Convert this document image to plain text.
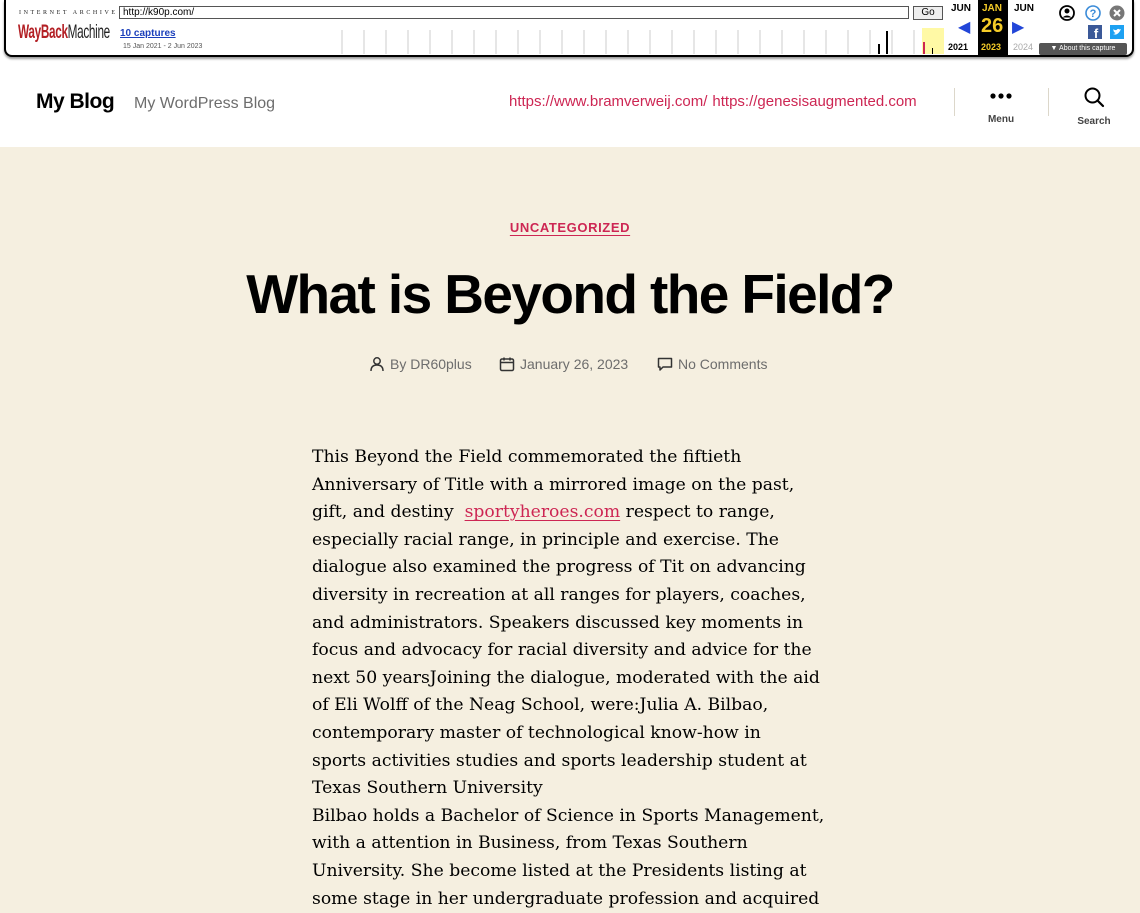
INTERNET ARCHIVE
WayBack Machine
http://k90p.com/	Go
10 captures
15 Jan 2021 - 2 Jun 2023
JUN JAN
26
2023
JUN
◀	▶
2021	2024
?
f
▼ About this capture
My Blog My WordPress Blog	https://www.bramverweij.com/ https://genesisaugmented.com
Menu	Search
UNCATEGORIZED
What is Beyond the Field?
By DR60plus	January 26, 2023	No Comments

This Beyond the Field commemorated the fiftieth

Anniversary of Title with a mirrored image on the past,

gift, and destiny  sportyheroes.com respect to range,

especially racial range, in principle and exercise. The

dialogue also examined the progress of Tit on advancing

diversity in recreation at all ranges for players, coaches,

and administrators. Speakers discussed key moments in

focus and advocacy for racial diversity and advice for the

next 50 yearsJoining the dialogue, moderated with the aid

of Eli Wolff of the Neag School, were:Julia A. Bilbao,

contemporary master of technological know-how in

sports activities studies and sports leadership student at

Texas Southern University

Bilbao holds a Bachelor of Science in Sports Management,

with a attention in Business, from Texas Southern

University. She become listed at the Presidents listing at

some stage in her undergraduate profession and acquired
